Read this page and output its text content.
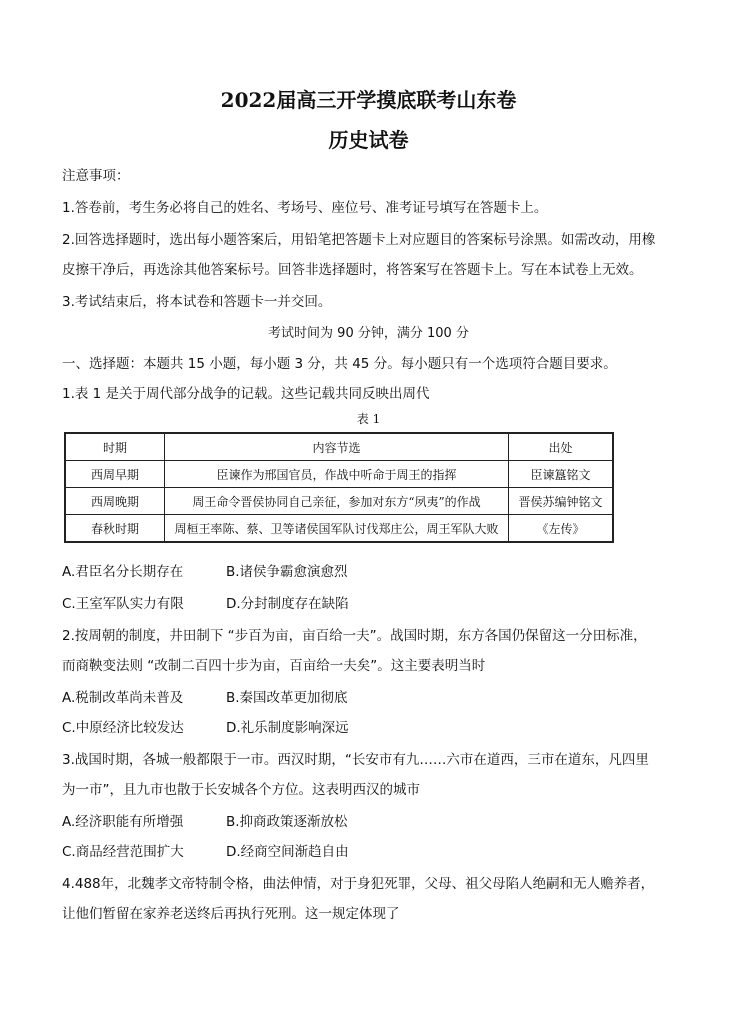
2022届高三开学摸底联考山东卷
历史试卷
注意事项：
1.答卷前，考生务必将自己的姓名、考场号、座位号、准考证号填写在答题卡上。
2.回答选择题时，选出每小题答案后，用铅笔把答题卡上对应题目的答案标号涂黑。如需改动，用橡
皮擦干净后，再选涂其他答案标号。回答非选择题时，将答案写在答题卡上。写在本试卷上无效。
3.考试结束后，将本试卷和答题卡一并交回。
考试时间为 90 分钟，满分 100 分
一、选择题：本题共 15 小题，每小题 3 分，共 45 分。每小题只有一个选项符合题目要求。
1.表 1 是关于周代部分战争的记载。这些记载共同反映出周代
表 1
时期	内容节选	出处
西周早期	臣谏作为邢国官员，作战中听命于周王的指挥	臣谏簋铭文
西周晚期	周王命令晋侯协同自己亲征，参加对东方“夙夷”的作战	晋侯苏编钟铭文
春秋时期	周桓王率陈、蔡、卫等诸侯国军队讨伐郑庄公，周王军队大败	《左传》
A.君臣名分长期存在	B.诸侯争霸愈演愈烈
C.王室军队实力有限	D.分封制度存在缺陷
2.按周朝的制度，井田制下 “步百为亩，亩百给一夫”。战国时期，东方各国仍保留这一分田标准，
而商鞅变法则 “改制二百四十步为亩，百亩给一夫矣”。这主要表明当时
A.税制改革尚未普及	B.秦国改革更加彻底
C.中原经济比较发达	D.礼乐制度影响深远
3.战国时期，各城一般都限于一市。西汉时期，“长安市有九……六市在道西，三市在道东，凡四里
为一市”，且九市也散于长安城各个方位。这表明西汉的城市
A.经济职能有所增强	B.抑商政策逐渐放松
C.商品经营范围扩大	D.经商空间渐趋自由
4.488年，北魏孝文帝特制令格，曲法伸情，对于身犯死罪，父母、祖父母陷人绝嗣和无人赡养者，
让他们暂留在家养老送终后再执行死刑。这一规定体现了
